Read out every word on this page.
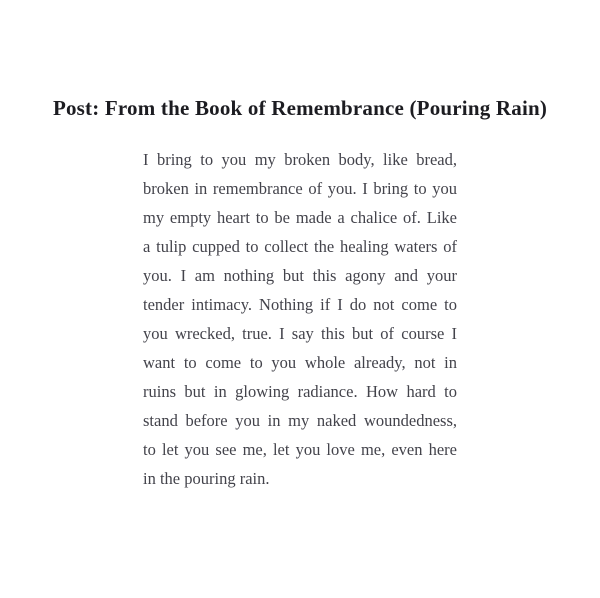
Post: From the Book of Remembrance (Pouring Rain)
I bring to you my broken body, like bread,
broken in remembrance of you. I bring to you
my empty heart to be made a chalice of. Like
a tulip cupped to collect the healing waters of
you. I am nothing but this agony and your
tender intimacy. Nothing if I do not come to
you wrecked, true. I say this but of course I
want to come to you whole already, not in
ruins but in glowing radiance. How hard to
stand before you in my naked woundedness,
to let you see me, let you love me, even here
in the pouring rain.
